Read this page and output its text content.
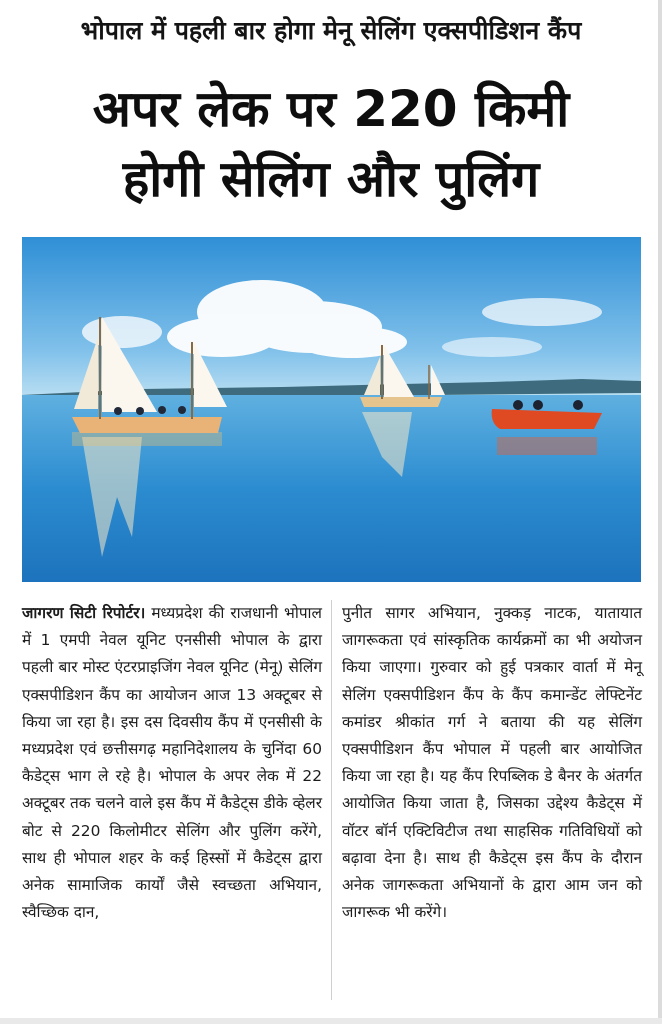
भोपाल में पहली बार होगा मेनू सेलिंग एक्सपीडिशन कैंप
अपर लेक पर 220 किमी
होगी सेलिंग और पुलिंग
जागरण सिटी रिपोर्टर। मध्यप्रदेश की राजधानी भोपाल में 1 एमपी नेवल यूनिट एनसीसी भोपाल के द्वारा पहली बार मोस्ट एंटरप्राइजिंग नेवल यूनिट (मेनू) सेलिंग एक्सपीडिशन कैंप का आयोजन आज 13 अक्टूबर से किया जा रहा है। इस दस दिवसीय कैंप में एनसीसी के मध्यप्रदेश एवं छत्तीसगढ़ महानिदेशालय के चुनिंदा 60 कैडेट्स भाग ले रहे है। भोपाल के अपर लेक में 22 अक्टूबर तक चलने वाले इस कैंप में कैडेट्स डीके व्हेलर बोट से 220 किलोमीटर सेलिंग और पुलिंग करेंगे, साथ ही भोपाल शहर के कई हिस्सों में कैडेट्स द्वारा अनेक सामाजिक कार्यों जैसे स्वच्छता अभियान, स्वैच्छिक दान,
पुनीत सागर अभियान, नुक्कड़ नाटक, यातायात जागरूकता एवं सांस्कृतिक कार्यक्रमों का भी अयोजन किया जाएगा। गुरुवार को हुई पत्रकार वार्ता में मेनू सेलिंग एक्सपीडिशन कैंप के कैंप कमान्डेंट लेफ्टिनेंट कमांडर श्रीकांत गर्ग ने बताया की यह सेलिंग एक्सपीडिशन कैंप भोपाल में पहली बार आयोजित किया जा रहा है। यह कैंप रिपब्लिक डे बैनर के अंतर्गत आयोजित किया जाता है, जिसका उद्देश्य कैडेट्स में वॉटर बॉर्न एक्टिविटीज तथा साहसिक गतिविधियों को बढ़ावा देना है। साथ ही कैडेट्स इस कैंप के दौरान अनेक जागरूकता अभियानों के द्वारा आम जन को जागरूक भी करेंगे।
